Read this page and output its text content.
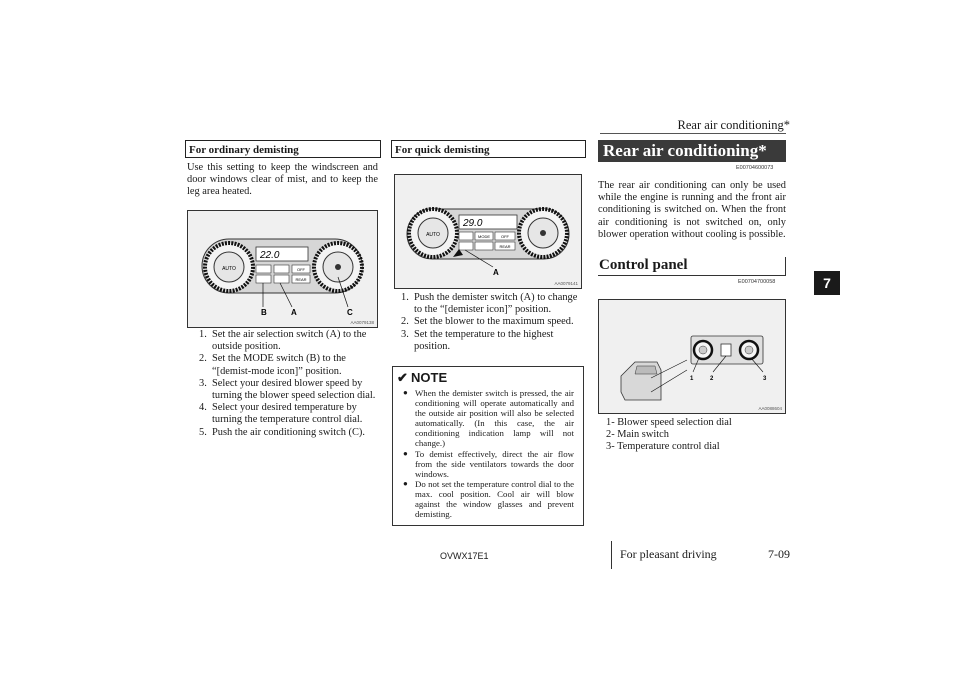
Rear air conditioning*
7
For ordinary demisting
Use this setting to keep the windscreen and door windows clear of mist, and to keep the leg area heated.
AUTO
22.0
OFF
REAR
B	A	C
AA0079138
1. Set the air selection switch (A) to the outside position.
2. Set the MODE switch (B) to the “[demist-mode icon]” position.
3. Select your desired blower speed by turning the blower speed selection dial.
4. Select your desired temperature by turning the temperature control dial.
5. Push the air conditioning switch (C).
For quick demisting
AUTO
29.0
MODE	OFF
REAR
A
AA0079141
1. Push the demister switch (A) to change to the “[demister icon]” position.
2. Set the blower to the maximum speed.
3. Set the temperature to the highest position.
✔ NOTE
● When the demister switch is pressed, the air conditioning will operate automatically and the outside air position will also be selected automatically. (In this case, the air conditioning indication lamp will not change.)
● To demist effectively, direct the air flow from the side ventilators towards the door windows.
● Do not set the temperature control dial to the max. cool position. Cool air will blow against the window glasses and prevent demisting.
Rear air conditioning*
E00704600073
The rear air conditioning can only be used while the engine is running and the front air conditioning is switched on. When the front air conditioning is not switched on, only blower operation without cooling is possible.
Control panel
E00704700058
1	2	3
AA0088604
1- Blower speed selection dial
2- Main switch
3- Temperature control dial
OVWX17E1	For pleasant driving	7-09
